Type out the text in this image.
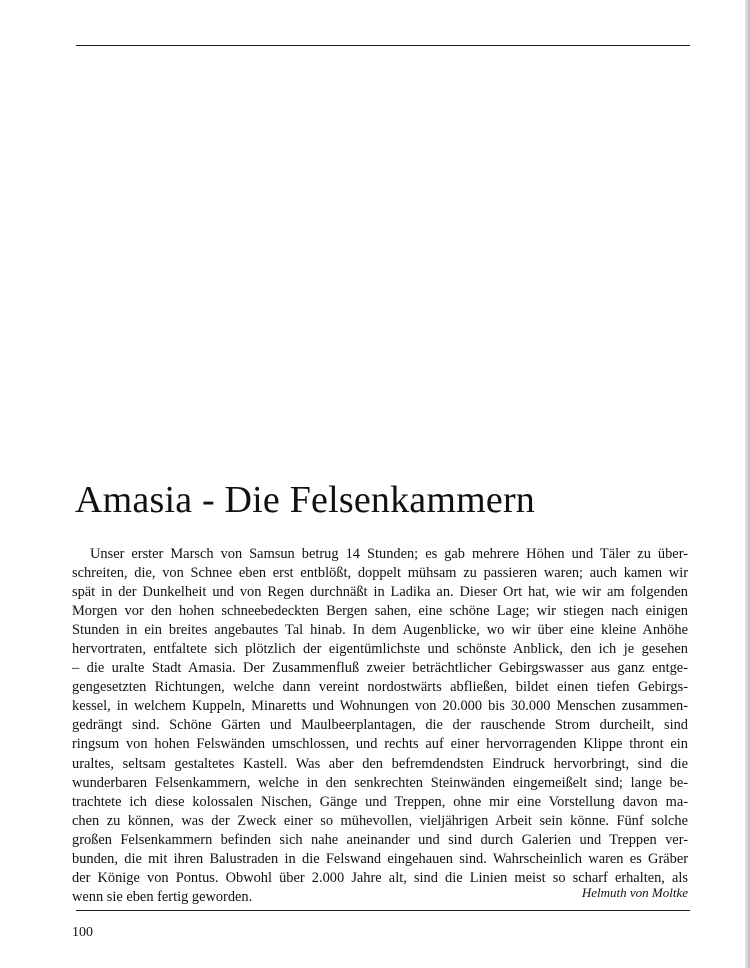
Amasia - Die Felsenkammern
Unser erster Marsch von Samsun betrug 14 Stunden; es gab mehrere Höhen und Täler zu über-
schreiten, die, von Schnee eben erst entblößt, doppelt mühsam zu passieren waren; auch kamen wir
spät in der Dunkelheit und von Regen durchnäßt in Ladika an. Dieser Ort hat, wie wir am folgenden
Morgen vor den hohen schneebedeckten Bergen sahen, eine schöne Lage; wir stiegen nach einigen
Stunden in ein breites angebautes Tal hinab. In dem Augenblicke, wo wir über eine kleine Anhöhe
hervortraten, entfaltete sich plötzlich der eigentümlichste und schönste Anblick, den ich je gesehen
– die uralte Stadt Amasia. Der Zusammenfluß zweier beträchtlicher Gebirgswasser aus ganz entge-
gengesetzten Richtungen, welche dann vereint nordostwärts abfließen, bildet einen tiefen Gebirgs-
kessel, in welchem Kuppeln, Minaretts und Wohnungen von 20.000 bis 30.000 Menschen zusammen-
gedrängt sind. Schöne Gärten und Maulbeerplantagen, die der rauschende Strom durcheilt, sind
ringsum von hohen Felswänden umschlossen, und rechts auf einer hervorragenden Klippe thront ein
uraltes, seltsam gestaltetes Kastell. Was aber den befremdendsten Eindruck hervorbringt, sind die
wunderbaren Felsenkammern, welche in den senkrechten Steinwänden eingemeißelt sind; lange be-
trachtete ich diese kolossalen Nischen, Gänge und Treppen, ohne mir eine Vorstellung davon ma-
chen zu können, was der Zweck einer so mühevollen, vieljährigen Arbeit sein könne. Fünf solche
großen Felsenkammern befinden sich nahe aneinander und sind durch Galerien und Treppen ver-
bunden, die mit ihren Balustraden in die Felswand eingehauen sind. Wahrscheinlich waren es Gräber
der Könige von Pontus. Obwohl über 2.000 Jahre alt, sind die Linien meist so scharf erhalten, als
wenn sie eben fertig geworden.	Helmuth von Moltke

100
